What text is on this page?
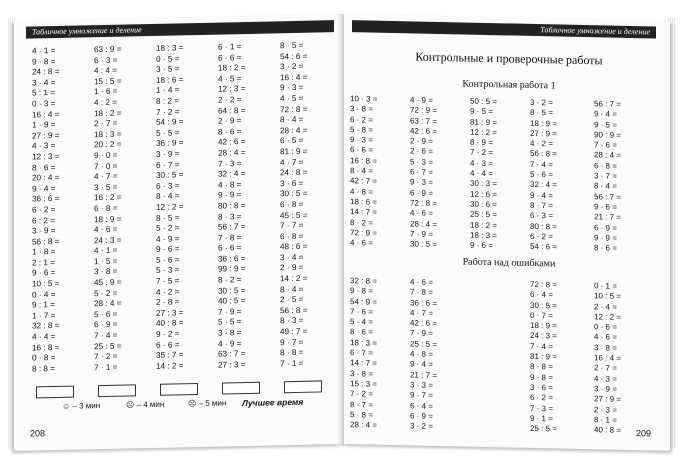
Табличное умножение и деление
4 · 1 =
9 · 8 =
24 : 8 =
3 · 4 =
5 : 1 =
0 · 3 =
16 : 4 =
1 · 9 =
27 : 9 =
4 · 3 =
12 : 3 =
8 · 6 =
20 : 4 =
9 · 4 =
36 : 6 =
6 · 2 =
6 : 2 =
3 · 9 =
56 : 8 =
1 · 8 =
2 : 1 =
9 · 6 =
10 : 5 =
0 · 4 =
9 : 1 =
1 · 7 =
32 : 8 =
4 · 4 =
16 : 8 =
0 · 8 =
8 : 8 =
63 : 9 =
6 · 3 =
4 : 4 =
15 : 5 =
1 · 6 =
4 : 2 =
18 : 2 =
2 · 7 =
18 : 3 =
20 : 2 =
9 · 0 =
7 · 0 =
4 · 7 =
3 · 5 =
16 : 2 =
6 · 8 =
18 : 9 =
4 · 6 =
24 : 3 =
4 · 1 =
1 · 5 =
3 · 8 =
45 : 9 =
5 · 2 =
28 : 4 =
5 · 6 =
6 · 9 =
7 · 4 =
25 : 5 =
7 · 2 =
7 · 1 =
18 : 3 =
0 · 5 =
3 · 5 =
18 : 6 =
1 · 4 =
8 : 2 =
7 · 2 =
54 : 9 =
5 · 5 =
36 : 9 =
3 · 9 =
6 · 7 =
30 : 5 =
6 · 3 =
8 · 4 =
12 : 2 =
8 · 5 =
5 · 2 =
4 · 9 =
9 · 6 =
5 · 6 =
5 · 3 =
7 · 5 =
4 · 2 =
2 · 8 =
27 : 3 =
40 : 8 =
9 · 2 =
6 · 6 =
35 : 7 =
14 : 2 =
6 · 1 =
6 · 6 =
18 : 2 =
4 · 5 =
12 : 3 =
2 · 2 =
64 : 8 =
2 · 9 =
8 · 6 =
42 : 6 =
28 : 4 =
7 · 3 =
32 : 4 =
4 · 8 =
9 · 9 =
80 : 8 =
8 · 3 =
56 : 7 =
7 · 8 =
6 · 6 =
36 : 6 =
99 : 9 =
8 · 2 =
30 : 5 =
40 : 5 =
7 · 9 =
5 · 5 =
3 · 8 =
4 · 9 =
63 : 7 =
27 : 3 =
8 · 5 =
54 : 6 =
3 · 2 =
16 : 4 =
9 · 3 =
4 · 5 =
72 : 8 =
8 · 4 =
28 : 4 =
6 · 5 =
81 : 9 =
4 · 7 =
24 : 8 =
3 · 6 =
30 : 5 =
6 · 8 =
45 : 5 =
7 · 7 =
6 · 8 =
48 : 6 =
3 · 4 =
2 · 9 =
14 : 2 =
8 · 4 =
2 · 5 =
56 : 8 =
8 · 3 =
49 : 7 =
9 · 7 =
8 · 8 =
7 · 1 =
☺ – 3 мин	☹ – 4 мин	☹ – 5 мин Лучшее время
208
Табличное умножение и деление
Контрольные и проверочные работы
Контрольная работа 1
10 · 3 =
3 · 8 =
6 · 2 =
5 · 8 =
9 · 3 =
6 · 6 =
16 : 8 =
8 · 4 =
42 : 7 =
4 · 8 =
18 : 6 =
14 : 7 =
8 · 2 =
72 : 9 =
4 · 6 =
4 · 9 =
72 : 9 =
63 : 7 =
42 : 6 =
2 · 9 =
2 · 6 =
5 · 3 =
6 · 7 =
9 · 3 =
6 · 9 =
72 : 8 =
4 · 6 =
28 : 4 =
7 · 9 =
30 : 5 =
50 : 5 =
9 · 5 =
81 : 9 =
12 : 2 =
8 · 9 =
7 · 2 =
4 · 3 =
4 · 4 =
30 : 3 =
12 : 6 =
30 : 6 =
25 : 5 =
18 : 2 =
18 : 3 =
9 · 6 =
3 · 2 =
8 · 5 =
18 : 9 =
27 : 9 =
4 · 2 =
56 : 8 =
7 · 4 =
5 · 6 =
32 : 4 =
9 · 4 =
8 · 7 =
6 · 3 =
80 : 8 =
6 · 2 =
54 : 6 =
56 : 7 =
9 · 4 =
9 · 5 =
90 : 9 =
7 · 6 =
28 : 4 =
6 · 8 =
3 · 7 =
8 · 4 =
56 : 7 =
9 · 6 =
21 : 7 =
6 · 9 =
9 · 9 =
8 · 6 =
Работа над ошибками
32 : 8 =
9 · 8 =
54 : 9 =
7 · 6 =
5 · 4 =
8 · 6 =
18 : 3 =
6 · 7 =
14 : 7 =
3 · 8 =
15 : 3 =
7 · 2 =
8 · 7 =
5 · 8 =
28 : 4 =
4 · 6 =
7 · 8 =
36 : 6 =
4 · 7 =
42 : 6 =
7 · 9 =
25 : 5 =
4 · 8 =
9 · 4 =
21 : 7 =
3 · 3 =
9 · 7 =
6 · 4 =
6 · 9 =
3 · 2 =
72 : 8 =
6 · 4 =
30 : 5 =
0 · 7 =
18 : 9 =
24 : 3 =
7 · 4 =
81 : 9 =
8 · 8 =
9 · 8 =
3 · 6 =
6 · 2 =
7 · 3 =
9 · 1 =
25 : 5 =
0 · 1 =
10 : 5 =
2 · 4 =
12 : 2 =
0 · 6 =
4 · 6 =
3 · 8 =
16 : 4 =
2 · 7 =
4 · 3 =
3 · 9 =
27 : 9 =
2 · 3 =
8 · 1 =
40 : 8 = 209
